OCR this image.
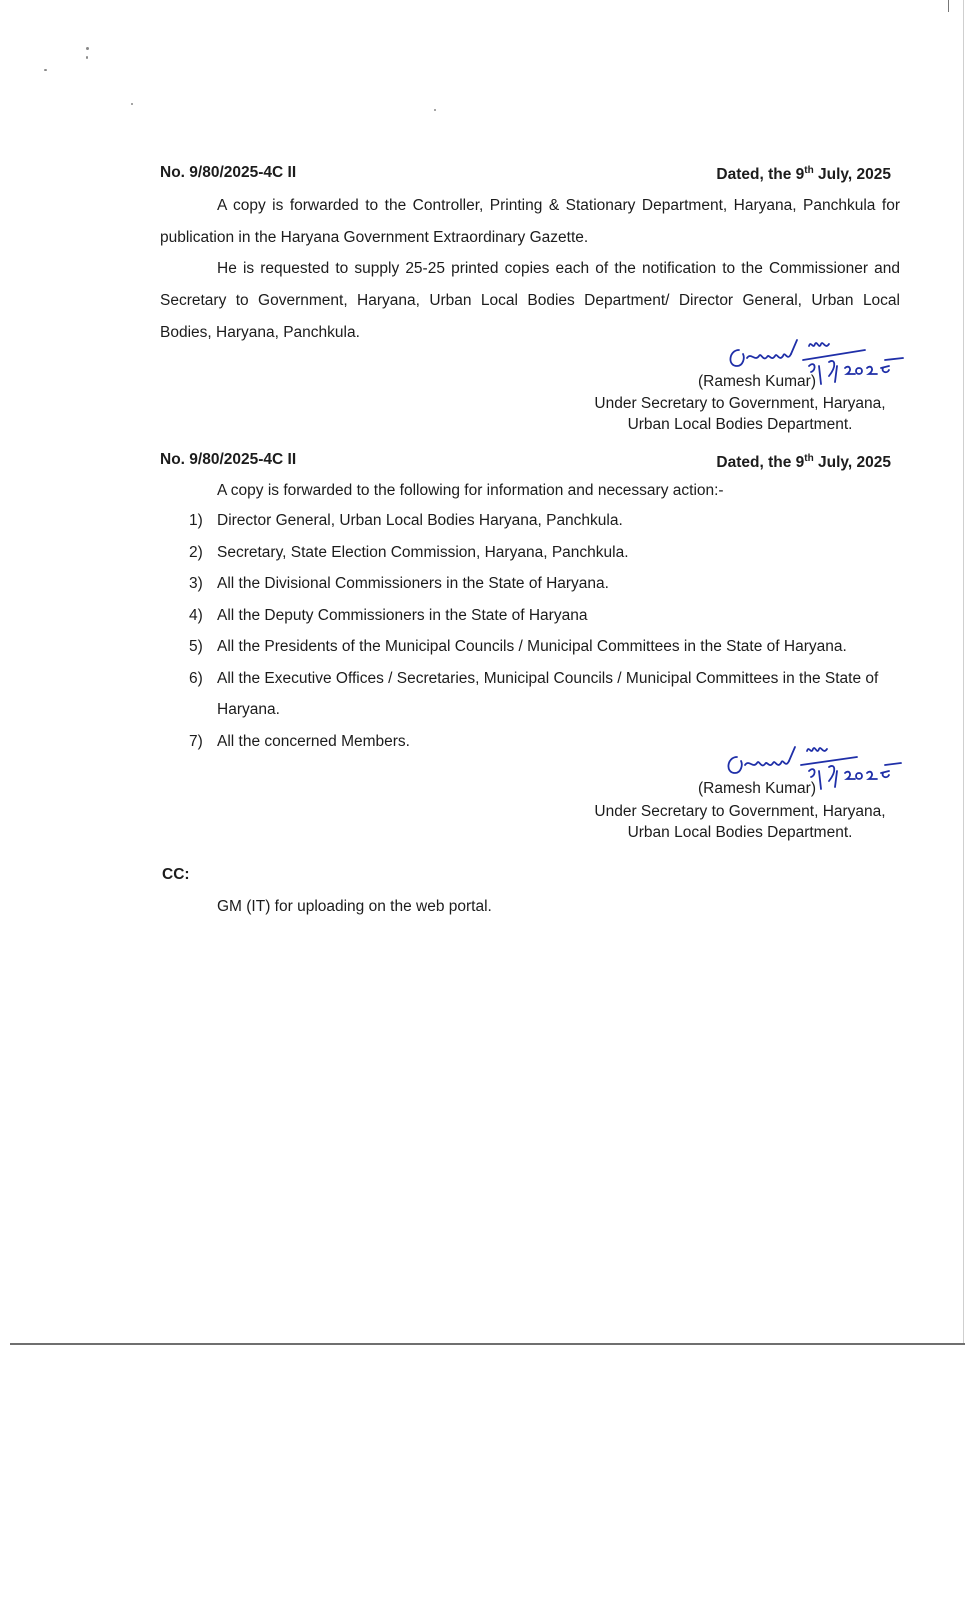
No. 9/80/2025-4C II	Dated, the 9th July, 2025
A copy is forwarded to the Controller, Printing & Stationary Department, Haryana, Panchkula for publication in the Haryana Government Extraordinary Gazette.
He is requested to supply 25-25 printed copies each of the notification to the Commissioner and Secretary to Government, Haryana, Urban Local Bodies Department/ Director General, Urban Local Bodies, Haryana, Panchkula.
(Ramesh Kumar)
Under Secretary to Government, Haryana,
Urban Local Bodies Department.
No. 9/80/2025-4C II	Dated, the 9th July, 2025
A copy is forwarded to the following for information and necessary action:-
1) Director General, Urban Local Bodies Haryana, Panchkula.
2) Secretary, State Election Commission, Haryana, Panchkula.
3) All the Divisional Commissioners in the State of Haryana.
4) All the Deputy Commissioners in the State of Haryana
5) All the Presidents of the Municipal Councils / Municipal Committees in the State of Haryana.
6) All the Executive Offices / Secretaries, Municipal Councils / Municipal Committees in the State of Haryana.
7) All the concerned Members.
(Ramesh Kumar)
Under Secretary to Government, Haryana,
Urban Local Bodies Department.
CC:
GM (IT) for uploading on the web portal.
